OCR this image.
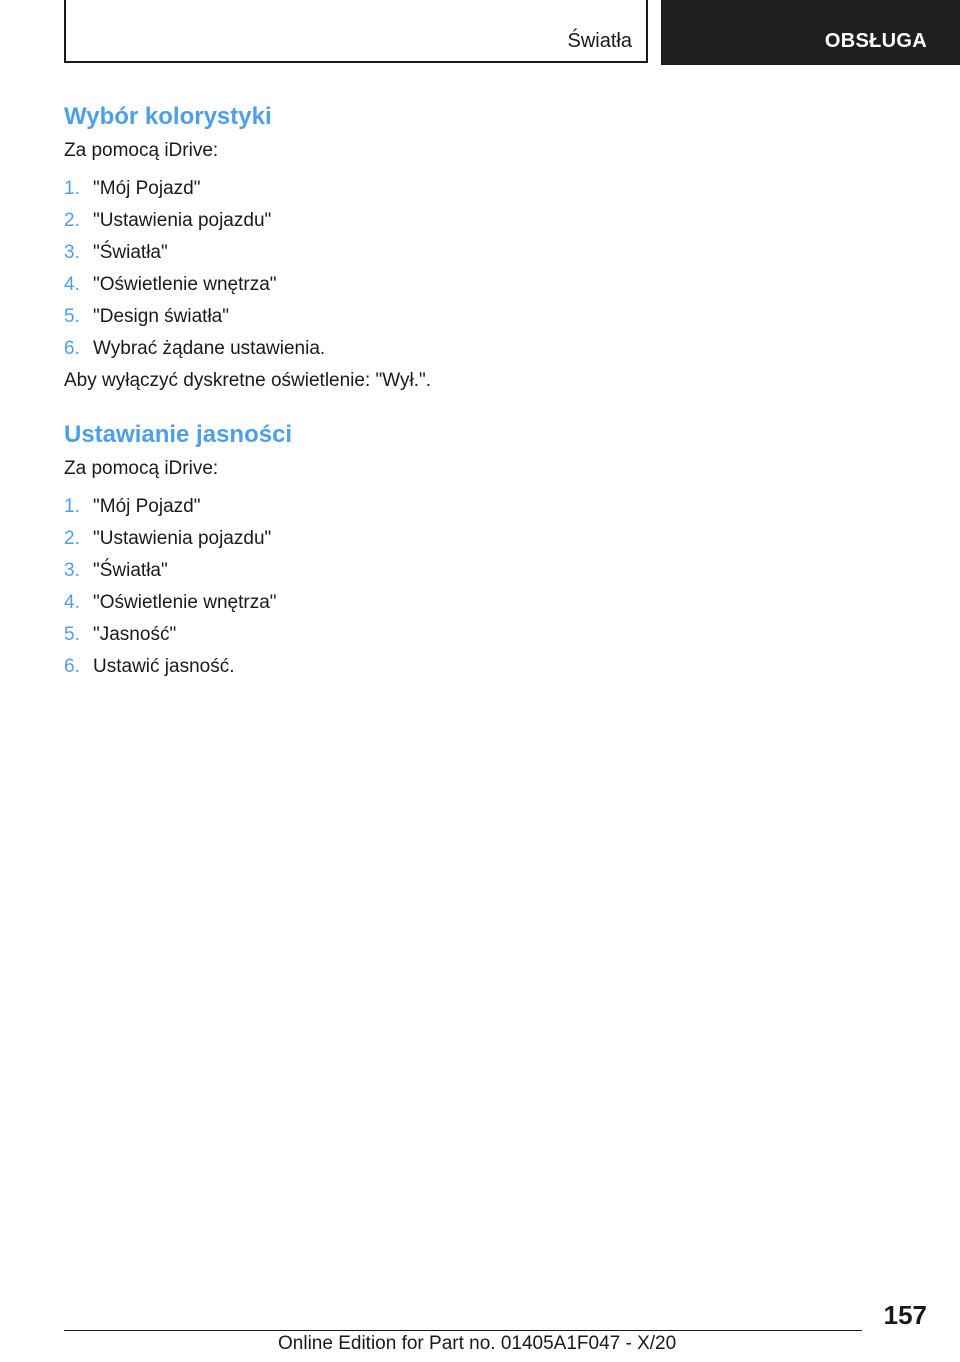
Światła	OBSŁUGA
Wybór kolorystyki

Za pomocą iDrive:

1. "Mój Pojazd"
2. "Ustawienia pojazdu"
3. "Światła"
4. "Oświetlenie wnętrza"
5. "Design światła"
6. Wybrać żądane ustawienia.

Aby wyłączyć dyskretne oświetlenie: "Wył.".

Ustawianie jasności

Za pomocą iDrive:

1. "Mój Pojazd"
2. "Ustawienia pojazdu"
3. "Światła"
4. "Oświetlenie wnętrza"
5. "Jasność"
6. Ustawić jasność.
157
Online Edition for Part no. 01405A1F047 - X/20
